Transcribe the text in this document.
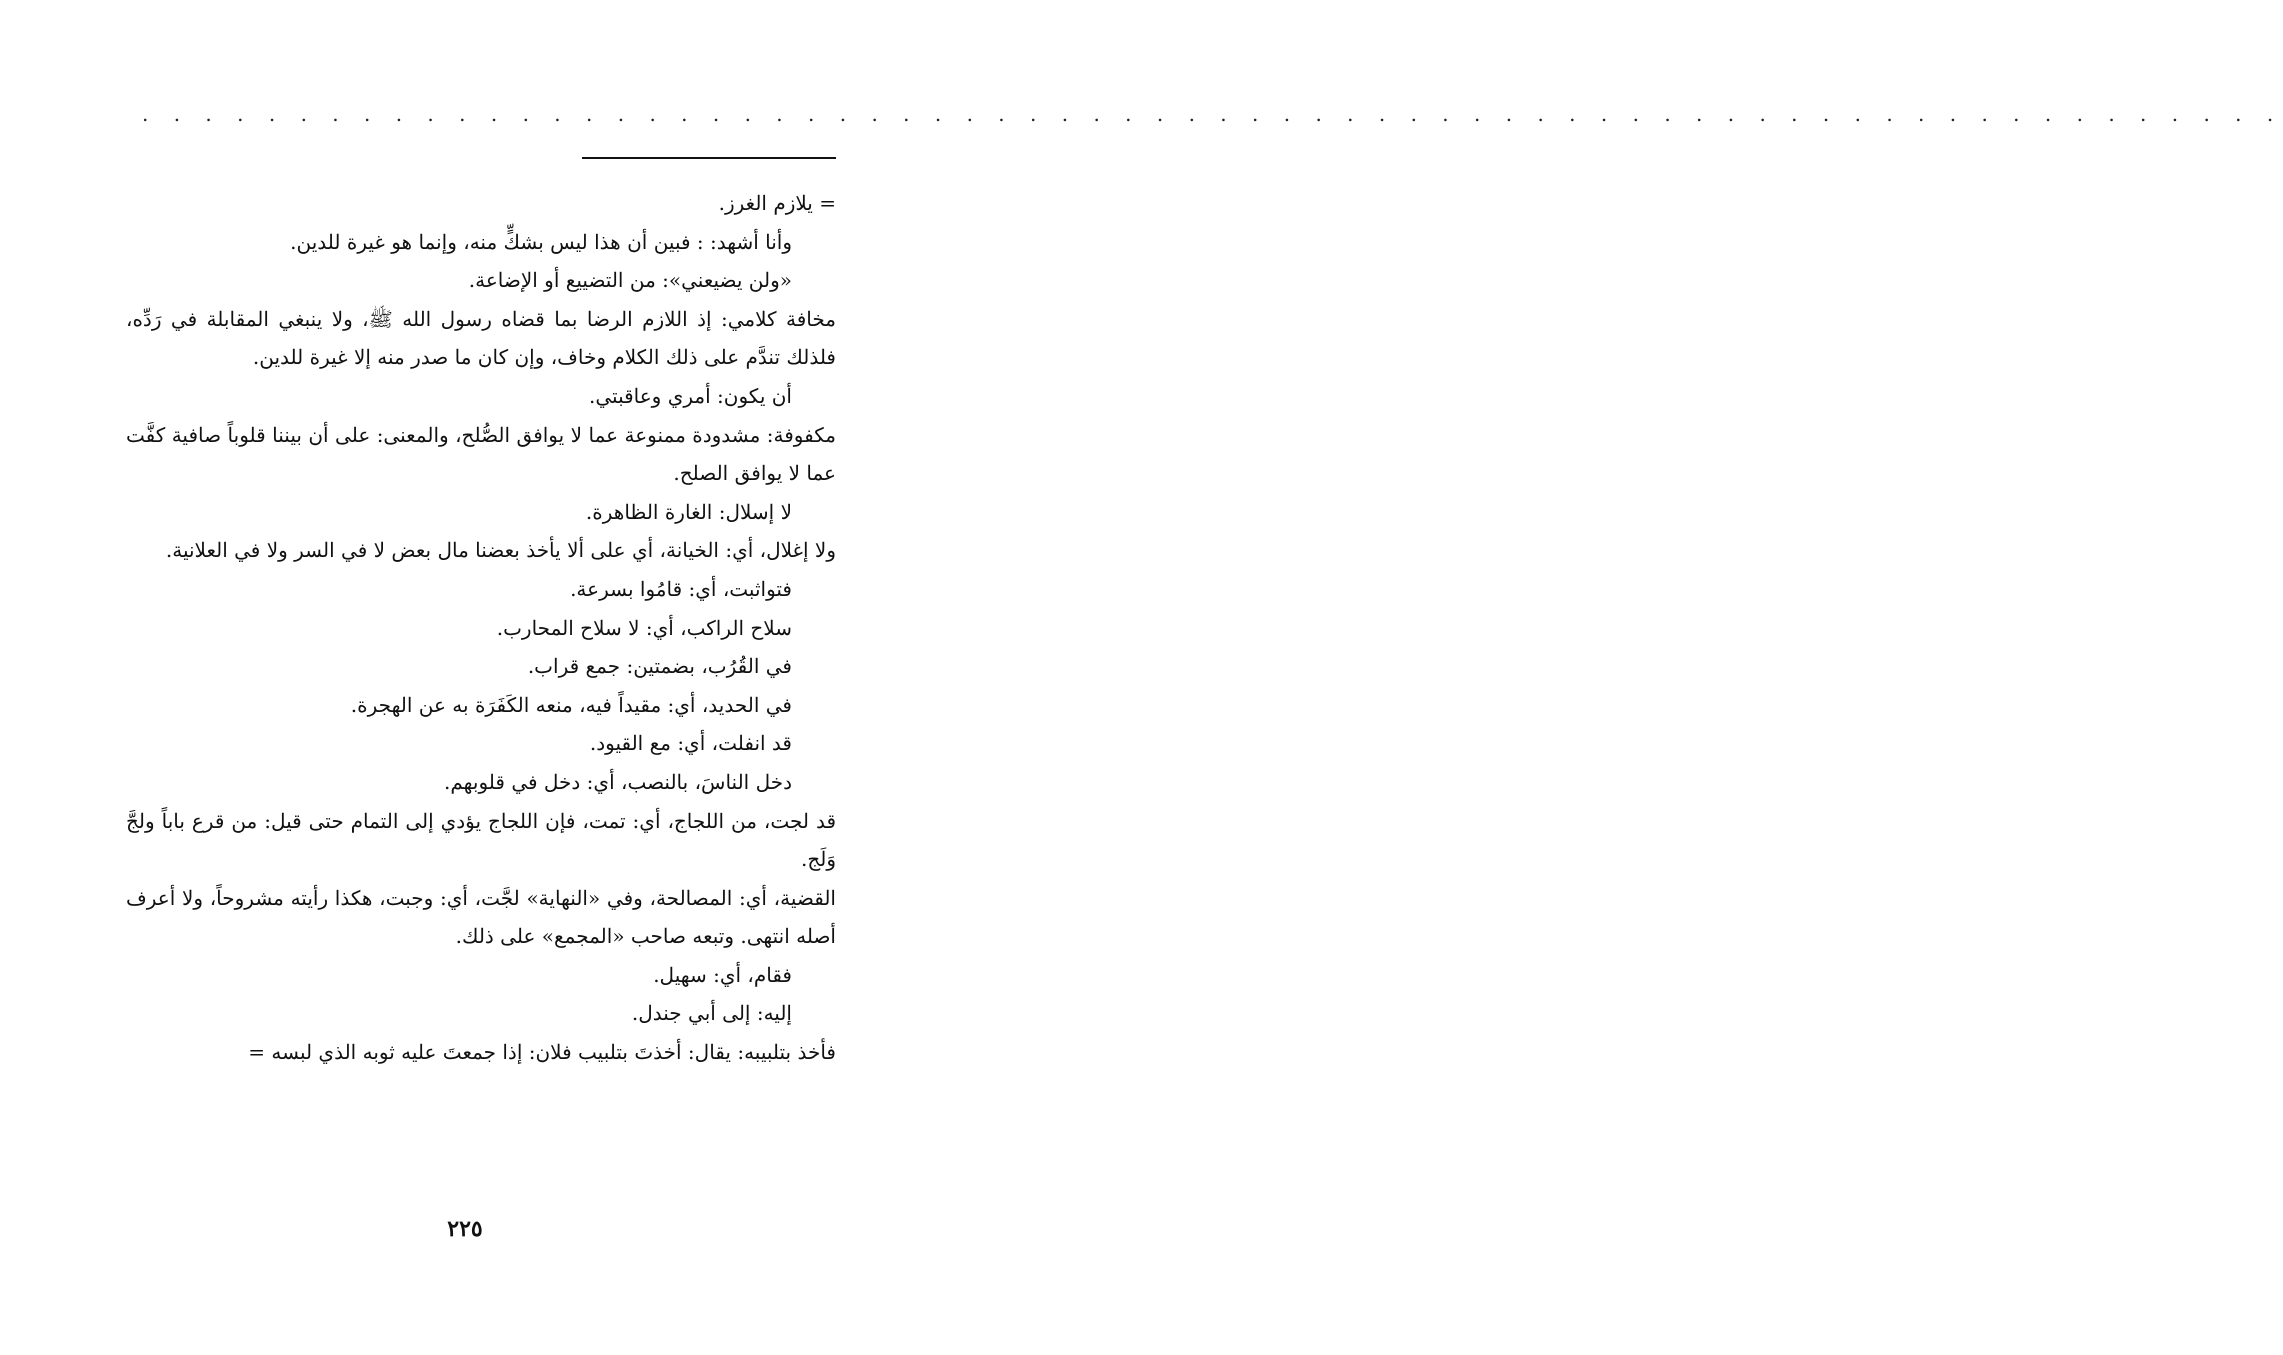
. . . . . . . . . . . . . . . . . . . . . . . . . . . . . . . . . . . . . . . . . . . . . . . . . . . . . . . . . . . . . . . . . . . .

= يلازم الغرز.

وأنا أشهد: : فبين أن هذا ليس بشكٍّ منه، وإنما هو غيرة للدين.

«ولن يضيعني»: من التضييع أو الإضاعة.

مخافة كلامي: إذ اللازم الرضا بما قضاه رسول الله ﷺ، ولا ينبغي المقابلة في رَدِّه، فلذلك تندَّم على ذلك الكلام وخاف، وإن كان ما صدر منه إلا غيرة للدين.

أن يكون: أمري وعاقبتي.

مكفوفة: مشدودة ممنوعة عما لا يوافق الصُّلح، والمعنى: على أن بيننا قلوباً صافية كفَّت عما لا يوافق الصلح.

لا إسلال: الغارة الظاهرة.

ولا إغلال، أي: الخيانة، أي على ألا يأخذ بعضنا مال بعض لا في السر ولا في العلانية.

فتواثبت، أي: قامُوا بسرعة.

سلاح الراكب، أي: لا سلاح المحارب.

في القُرُب، بضمتين: جمع قراب.

في الحديد، أي: مقيداً فيه، منعه الكَفَرَة به عن الهجرة.

قد انفلت، أي: مع القيود.

دخل الناسَ، بالنصب، أي: دخل في قلوبهم.

قد لجت، من اللجاج، أي: تمت، فإن اللجاج يؤدي إلى التمام حتى قيل: من قرع باباً ولجَّ وَلَج.

القضية، أي: المصالحة، وفي «النهاية» لجَّت، أي: وجبت، هكذا رأيته مشروحاً، ولا أعرف أصله انتهى. وتبعه صاحب «المجمع» على ذلك.

فقام، أي: سهيل.

إليه: إلى أبي جندل.

فأخذ بتلبيبه: يقال: أخذتَ بتلبيب فلان: إذا جمعتَ عليه ثوبه الذي لبسه =

٢٢٥
